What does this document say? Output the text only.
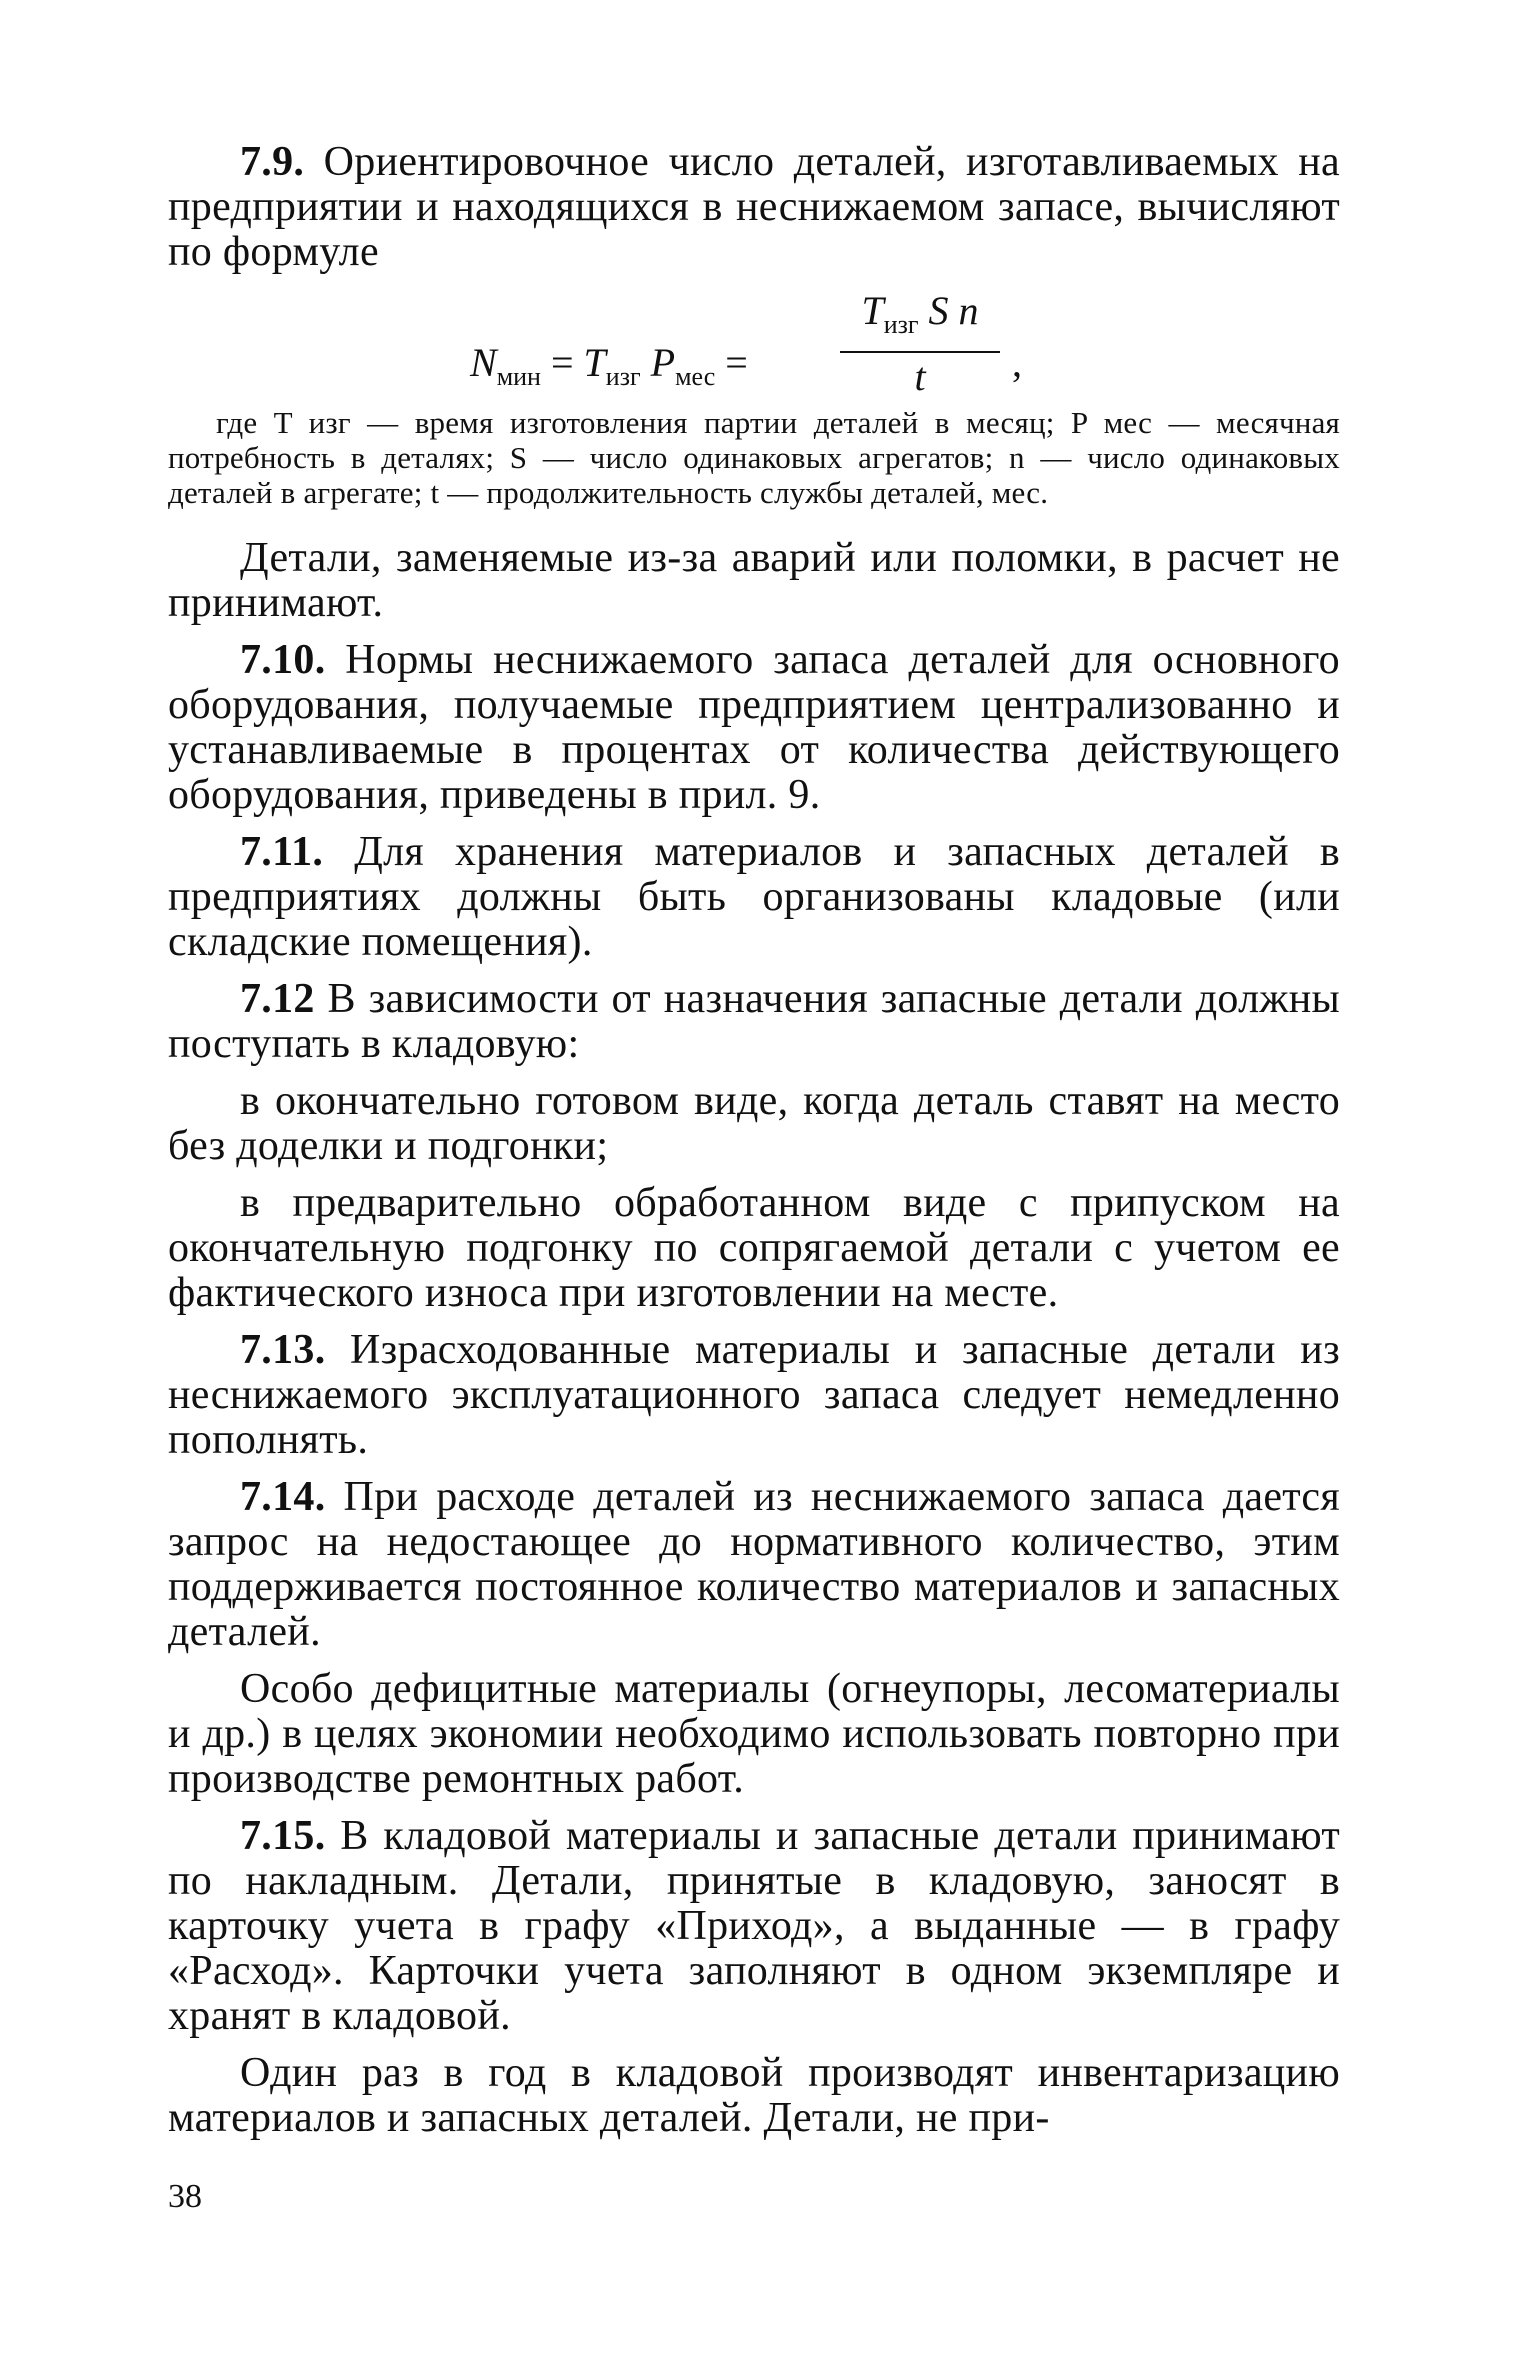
7.9. Ориентировочное число деталей, изготавливаемых на предприятии и находящихся в неснижаемом запасе, вычисляют по формуле

$N_{мин} = T_{изг}$ $P_{мес}$ =
$T_{изг}$ S n
t	,

где T изг — время изготовления партии деталей в месяц; P мес — месячная потребность в деталях; S — число одинаковых агрегатов; n — число одинаковых деталей в агрегате; t — продолжительность службы деталей, мес.

Детали, заменяемые из-за аварий или поломки, в расчет не принимают.

7.10. Нормы неснижаемого запаса деталей для основного оборудования, получаемые предприятием централизованно и устанавливаемые в процентах от количества действующего оборудования, приведены в прил. 9.

7.11. Для хранения материалов и запасных деталей в предприятиях должны быть организованы кладовые (или складские помещения).

7.12 В зависимости от назначения запасные детали должны поступать в кладовую:

в окончательно готовом виде, когда деталь ставят на место без доделки и подгонки;
в предварительно обработанном виде с припуском на окончательную подгонку по сопрягаемой детали с учетом ее фактического износа при изготовлении на месте.

7.13. Израсходованные материалы и запасные детали из неснижаемого эксплуатационного запаса следует немедленно пополнять.

7.14. При расходе деталей из неснижаемого запаса дается запрос на недостающее до нормативного количество, этим поддерживается постоянное количество материалов и запасных деталей.

Особо дефицитные материалы (огнеупоры, лесоматериалы и др.) в целях экономии необходимо использовать повторно при производстве ремонтных работ.

7.15. В кладовой материалы и запасные детали принимают по накладным. Детали, принятые в кладовую, заносят в карточку учета в графу «Приход», а выданные — в графу «Расход». Карточки учета заполняют в одном экземпляре и хранят в кладовой.

Один раз в год в кладовой производят инвентаризацию материалов и запасных деталей. Детали, не при-

38
